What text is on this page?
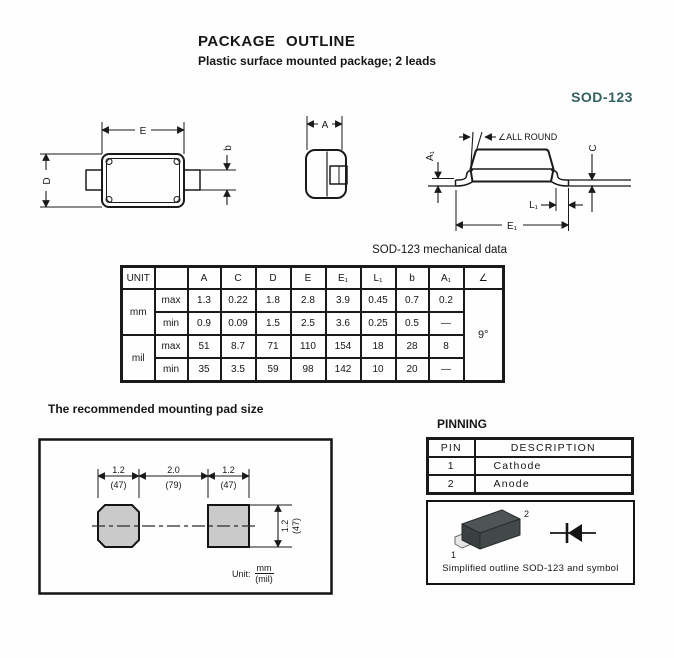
PACKAGE OUTLINE
Plastic surface mounted package; 2 leads
SOD-123
E
D
b
A
∠ALL ROUND
A₁
C
L₁
E₁
SOD-123 mechanical data
UNIT		A	C	D	E	E₁	L₁	b	A₁	∠
mm	max	1.3	0.22	1.8	2.8	3.9	0.45	0.7	0.2	9°
	min	0.9	0.09	1.5	2.5	3.6	0.25	0.5	—	
mil	max	51	8.7	71	110	154	18	28	8	
	min	35	3.5	59	98	142	10	20	—	
The recommended mounting pad size
1.2
(47)
2.0
(79)
1.2
(47)
1.2 (47)
Unit: $\frac{mm}{\text{(mil)}}$
PINNING
PIN	DESCRIPTION
1	Cathode
2	Anode
2
1
Simplified outline SOD-123 and symbol
